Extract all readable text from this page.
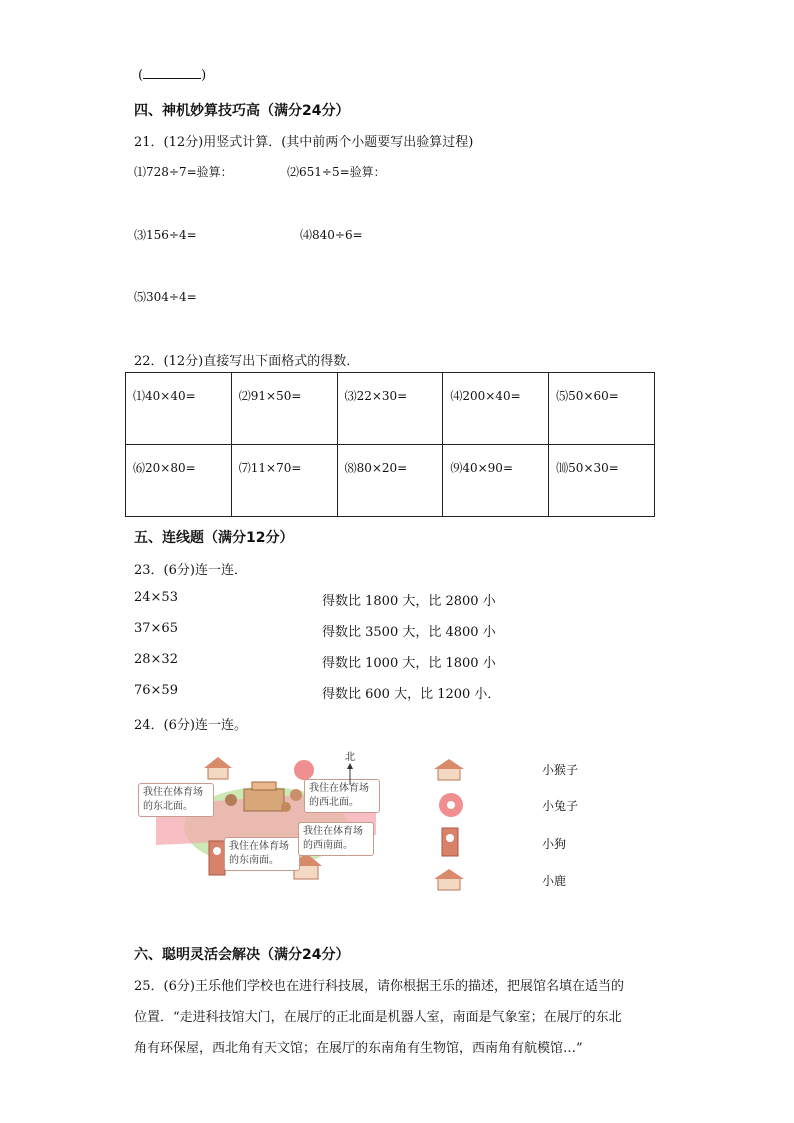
(	)
四、神机妙算技巧高（满分24分）
21．(12分)用竖式计算．(其中前两个小题要写出验算过程)
⑴728÷7=验算：	⑵651÷5=验算：
⑶156÷4=	⑷840÷6=
⑸304÷4=
22．(12分)直接写出下面格式的得数．
⑴40×40=	⑵91×50=	⑶22×30=	⑷200×40=	⑸50×60=
⑹20×80=	⑺11×70=	⑻80×20=	⑼40×90=	⑽50×30=
五、连线题（满分12分）
23．(6分)连一连．
24×53
37×65
28×32
76×59
得数比 1800 大，比 2800 小
得数比 3500 大，比 4800 小
得数比 1000 大，比 1800 小
得数比 600 大，比 1200 小．
24．(6分)连一连。
我住在体育场的东北面。
我住在体育场的西北面。
我住在体育场的东南面。
我住在体育场的西南面。
北
小猴子
小兔子
小狗
小鹿
六、聪明灵活会解决（满分24分）
25．(6分)王乐他们学校也在进行科技展，请你根据王乐的描述，把展馆名填在适当的
位置．“走进科技馆大门，在展厅的正北面是机器人室，南面是气象室；在展厅的东北
角有环保屋，西北角有天文馆；在展厅的东南角有生物馆，西南角有航模馆…”
